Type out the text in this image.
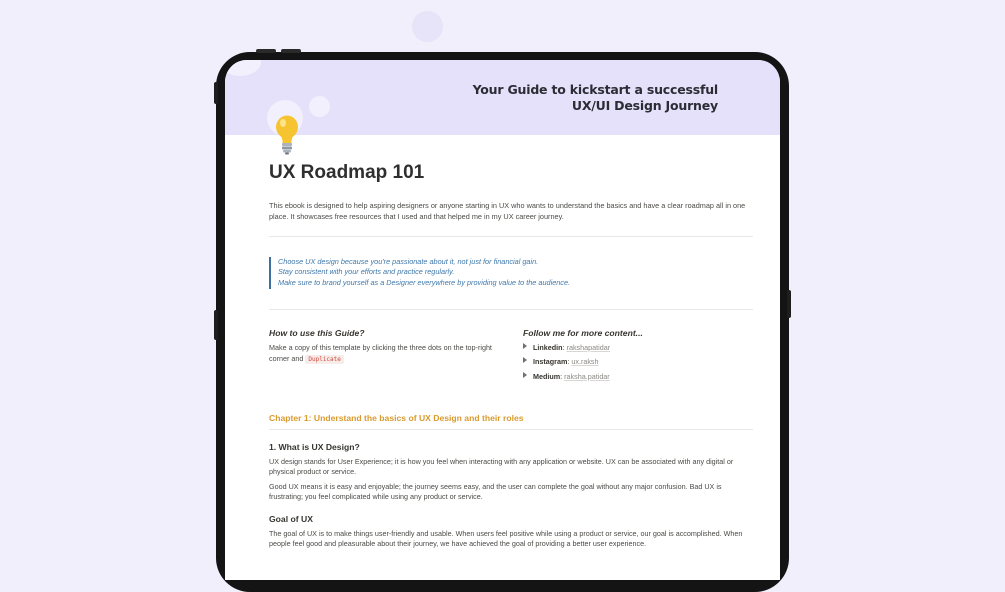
Your Guide to kickstart a successful
UX/UI Design Journey
UX Roadmap 101
This ebook is designed to help aspiring designers or anyone starting in UX who wants to understand the basics and have a clear roadmap all in one place. It showcases free resources that I used and that helped me in my UX career journey.
Choose UX design because you're passionate about it, not just for financial gain.
Stay consistent with your efforts and practice regularly.
Make sure to brand yourself as a Designer everywhere by providing value to the audience.
How to use this Guide?

Make a copy of this template by clicking the three dots on the top-right corner and Duplicate

Follow me for more content...
Linkedin: rakshapatidar
Instagram: ux.raksh
Medium: raksha.patidar
Chapter 1: Understand the basics of UX Design and their roles
1. What is UX Design?

UX design stands for User Experience; it is how you feel when interacting with any application or website. UX can be associated with any digital or physical product or service.

Good UX means it is easy and enjoyable; the journey seems easy, and the user can complete the goal without any major confusion. Bad UX is frustrating; you feel complicated while using any product or service.

Goal of UX

The goal of UX is to make things user-friendly and usable. When users feel positive while using a product or service, our goal is accomplished. When people feel good and pleasurable about their journey, we have achieved the goal of providing a better user experience.
